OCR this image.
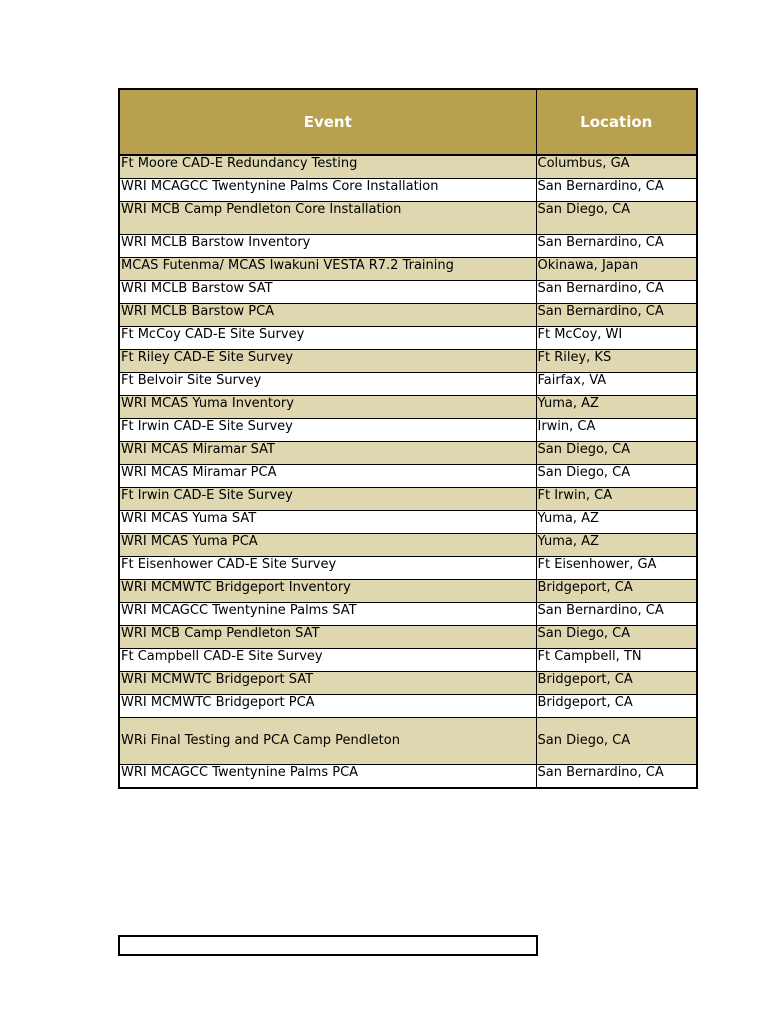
Event	Location
Ft Moore CAD-E Redundancy Testing	Columbus, GA
WRI MCAGCC Twentynine Palms Core Installation	San Bernardino, CA
WRI MCB Camp Pendleton Core Installation	San Diego, CA
WRI MCLB Barstow Inventory	San Bernardino, CA
MCAS Futenma/ MCAS Iwakuni VESTA R7.2 Training	Okinawa, Japan
WRI MCLB Barstow SAT	San Bernardino, CA
WRI MCLB Barstow PCA	San Bernardino, CA
Ft McCoy CAD-E Site Survey	Ft McCoy, WI
Ft Riley CAD-E Site Survey	Ft Riley, KS
Ft Belvoir Site Survey	Fairfax, VA
WRI MCAS Yuma Inventory	Yuma, AZ
Ft Irwin CAD-E Site Survey	Irwin, CA
WRI MCAS Miramar SAT	San Diego, CA
WRI MCAS Miramar PCA	San Diego, CA
Ft Irwin CAD-E Site Survey	Ft Irwin, CA
WRI MCAS Yuma SAT	Yuma, AZ
WRI MCAS Yuma PCA	Yuma, AZ
Ft Eisenhower CAD-E Site Survey	Ft Eisenhower, GA
WRI MCMWTC Bridgeport Inventory	Bridgeport, CA
WRI MCAGCC Twentynine Palms SAT	San Bernardino, CA
WRI MCB Camp Pendleton SAT	San Diego, CA
Ft Campbell CAD-E Site Survey	Ft Campbell, TN
WRI MCMWTC Bridgeport SAT	Bridgeport, CA
WRI MCMWTC Bridgeport PCA	Bridgeport, CA
WRi Final Testing and PCA Camp Pendleton	San Diego, CA
WRI MCAGCC Twentynine Palms PCA	San Bernardino, CA
